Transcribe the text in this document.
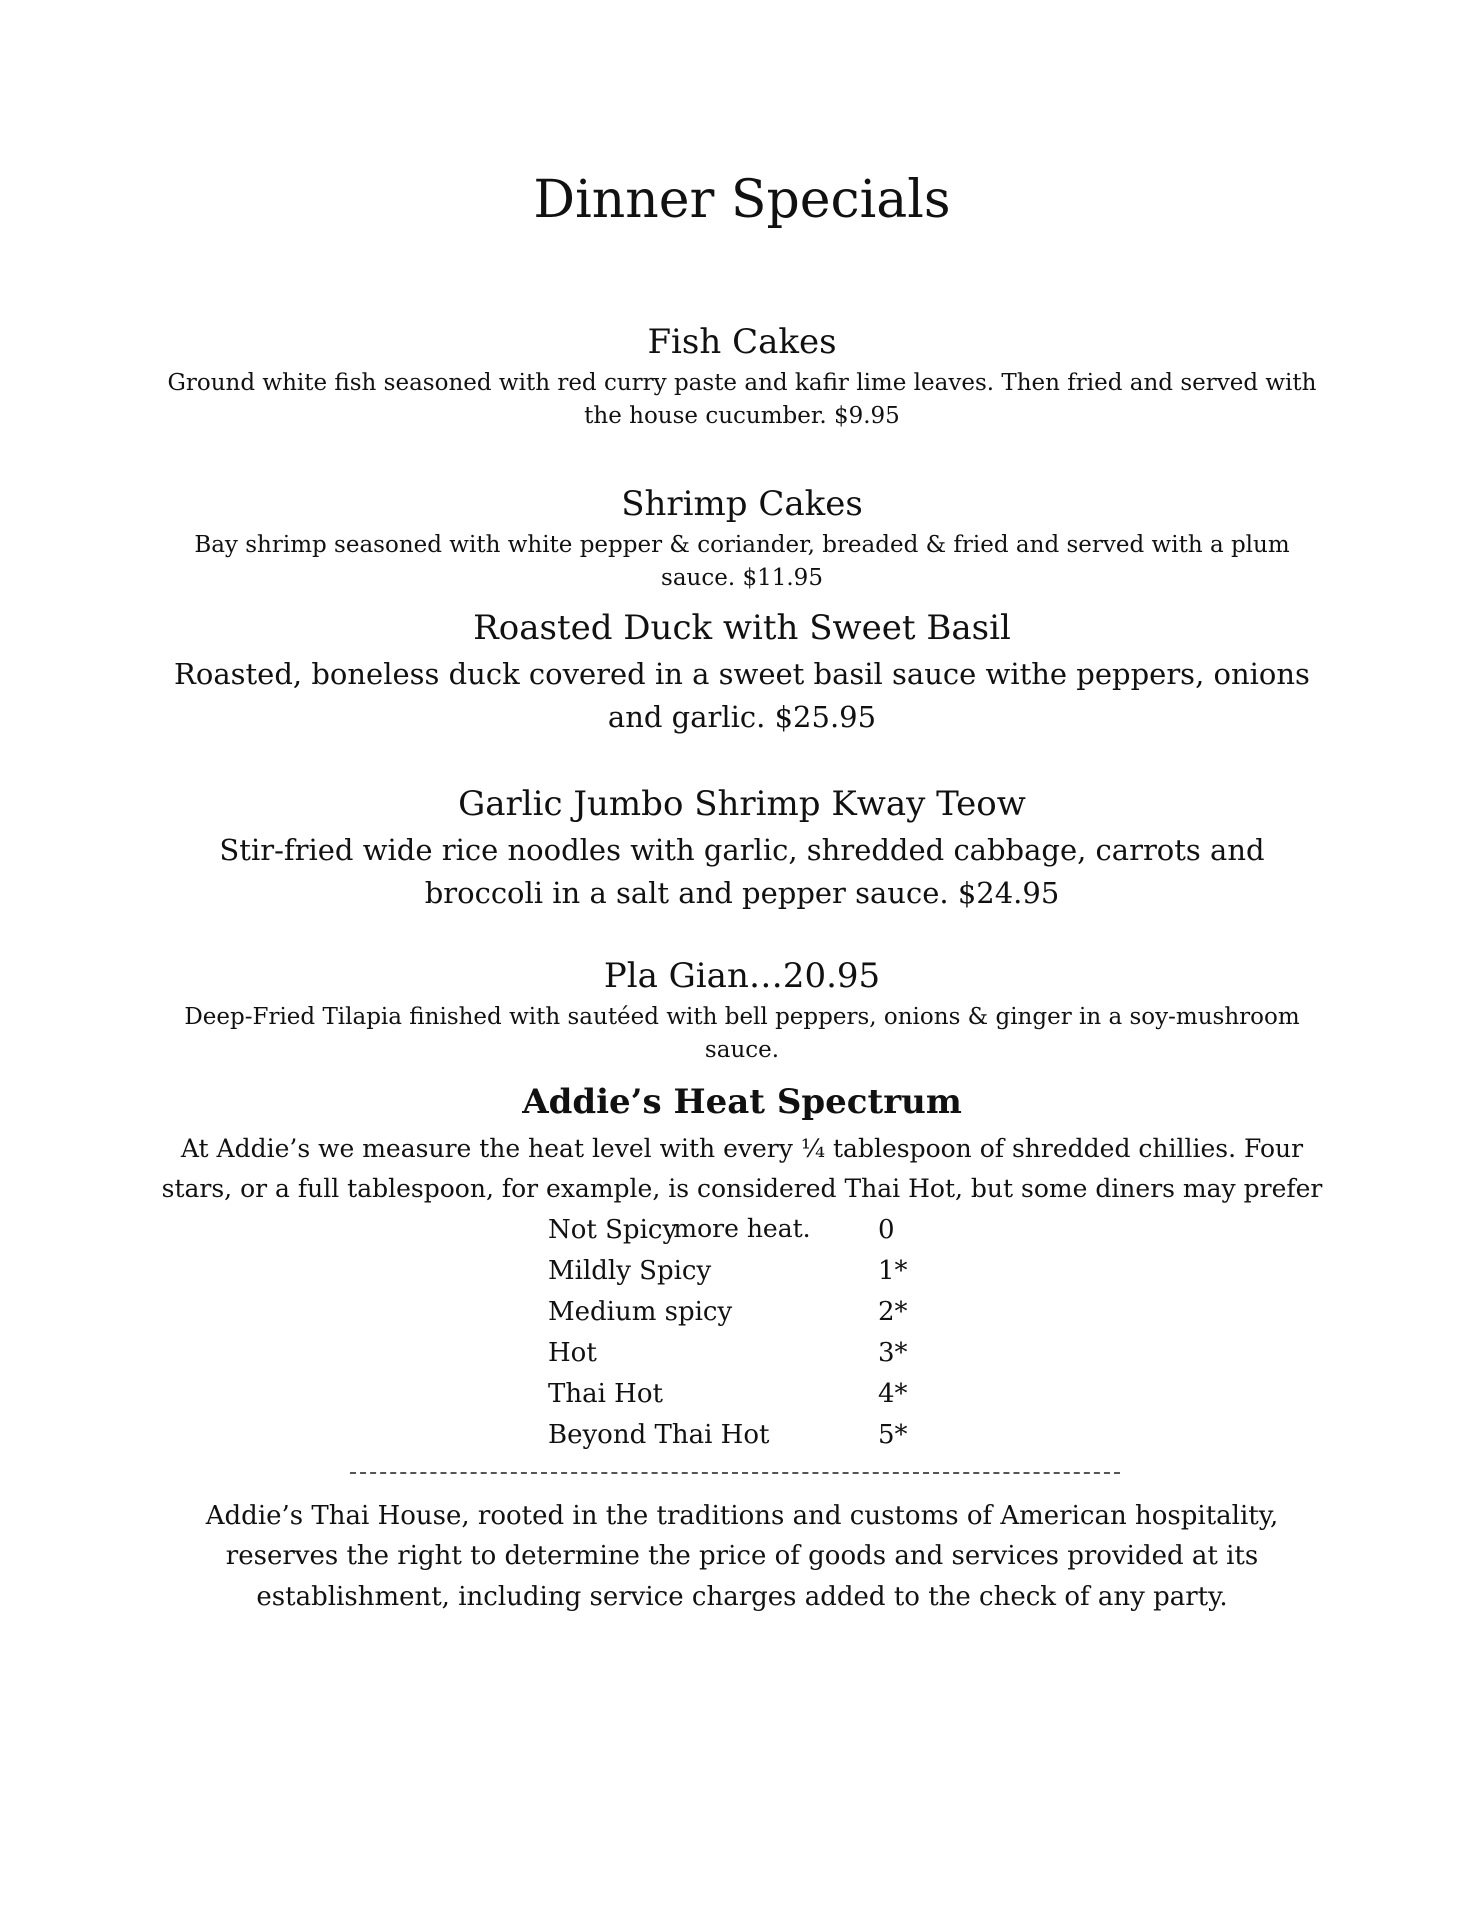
Dinner Specials
Fish Cakes

Ground white fish seasoned with red curry paste and kafir lime leaves. Then fried and served with the house cucumber. $9.95

Shrimp Cakes

Bay shrimp seasoned with white pepper & coriander, breaded & fried and served with a plum sauce. $11.95

Roasted Duck with Sweet Basil

Roasted, boneless duck covered in a sweet basil sauce withe peppers, onions and garlic. $25.95

Garlic Jumbo Shrimp Kway Teow

Stir-fried wide rice noodles with garlic, shredded cabbage, carrots and broccoli in a salt and pepper sauce. $24.95

Pla Gian…20.95

Deep-Fried Tilapia finished with sautéed with bell peppers, onions & ginger in a soy-mushroom sauce.

Addie’s Heat Spectrum

At Addie’s we measure the heat level with every ¼ tablespoon of shredded chillies. Four stars, or a full tablespoon, for example, is considered Thai Hot, but some diners may prefer more heat.

Not Spicy	0
Mildly Spicy	1*
Medium spicy	2*
Hot	3*
Thai Hot	4*
Beyond Thai Hot	5*

Addie’s Thai House, rooted in the traditions and customs of American hospitality, reserves the right to determine the price of goods and services provided at its establishment, including service charges added to the check of any party.
